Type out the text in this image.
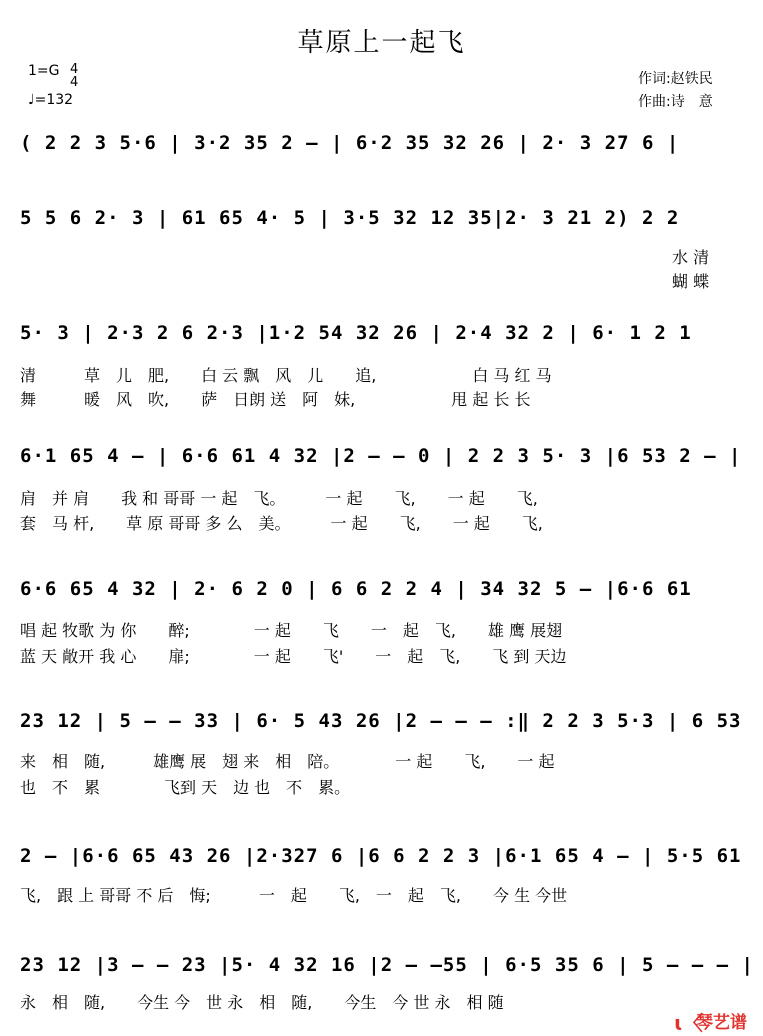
草原上一起飞
1=G 4
4
♩=132
作词:赵铁民
作曲:诗　意
( 2 2 3 5·6 | 3·2 35 2 – | 6·2 35 32 26 | 2· 3 27 6 |
5 5 6 2· 3 | 61 65 4· 5 | 3·5 32 12 35|2· 3 21 2) 2 2
水 清
蝴 蝶
5· 3 | 2·3 2 6 2·3 |1·2 54 32 26 | 2·4 32 2 | 6· 1 2 1
清　　　草　儿　肥,　　白 云 飘　风　儿　　追,　　　　　　白 马 红 马
舞　　　暖　风　吹,　　萨　日朗 送　阿　妹,　　　　　　甩 起 长 长
6·1 65 4 – | 6·6 61 4 32 |2 – – 0 | 2 2 3 5· 3 |6 53 2 – |
肩　并 肩　　我 和 哥哥 一 起　飞。　　　一 起　　飞,　　一 起　　飞,
套　马 杆,　　草 原 哥哥 多 么　美。　　　一 起　　飞,　　一 起　　飞,
6·6 65 4 32 | 2· 6 2 0 | 6 6 2 2 4 | 34 32 5 – |6·6 61
唱 起 牧歌 为 你　　醉;　　　　一 起　　飞　　一　起　飞,　　雄 鹰 展翅
蓝 天 敞开 我 心　　扉;　　　　一 起　　飞'　　一　起　飞,　　飞 到 天边
23 12 | 5 – – 33 | 6· 5 43 26 |2 – – – :‖ 2 2 3 5·3 | 6 53
来　相　随,　　　雄鹰 展　翅 来　相　陪。　　　　一 起　　飞,　　一 起
也　不　累　　　　飞到 天　边 也　不　累。
2 – |6·6 65 43 26 |2·327 6 |6 6 2 2 3 |6·1 65 4 – | 5·5 61
飞,　跟 上 哥哥 不 后　悔;　　　一　起　　飞,　一　起　飞,　　今 生 今世
23 12 |3 – – 23 |5· 4 32 16 |2 – –55 | 6·5 35 6 | 5 – – – |
永　相　随,　　今生 今　世 永　相　随,　　今生　今 世 永　相 随
ɩ〈
琴艺谱
